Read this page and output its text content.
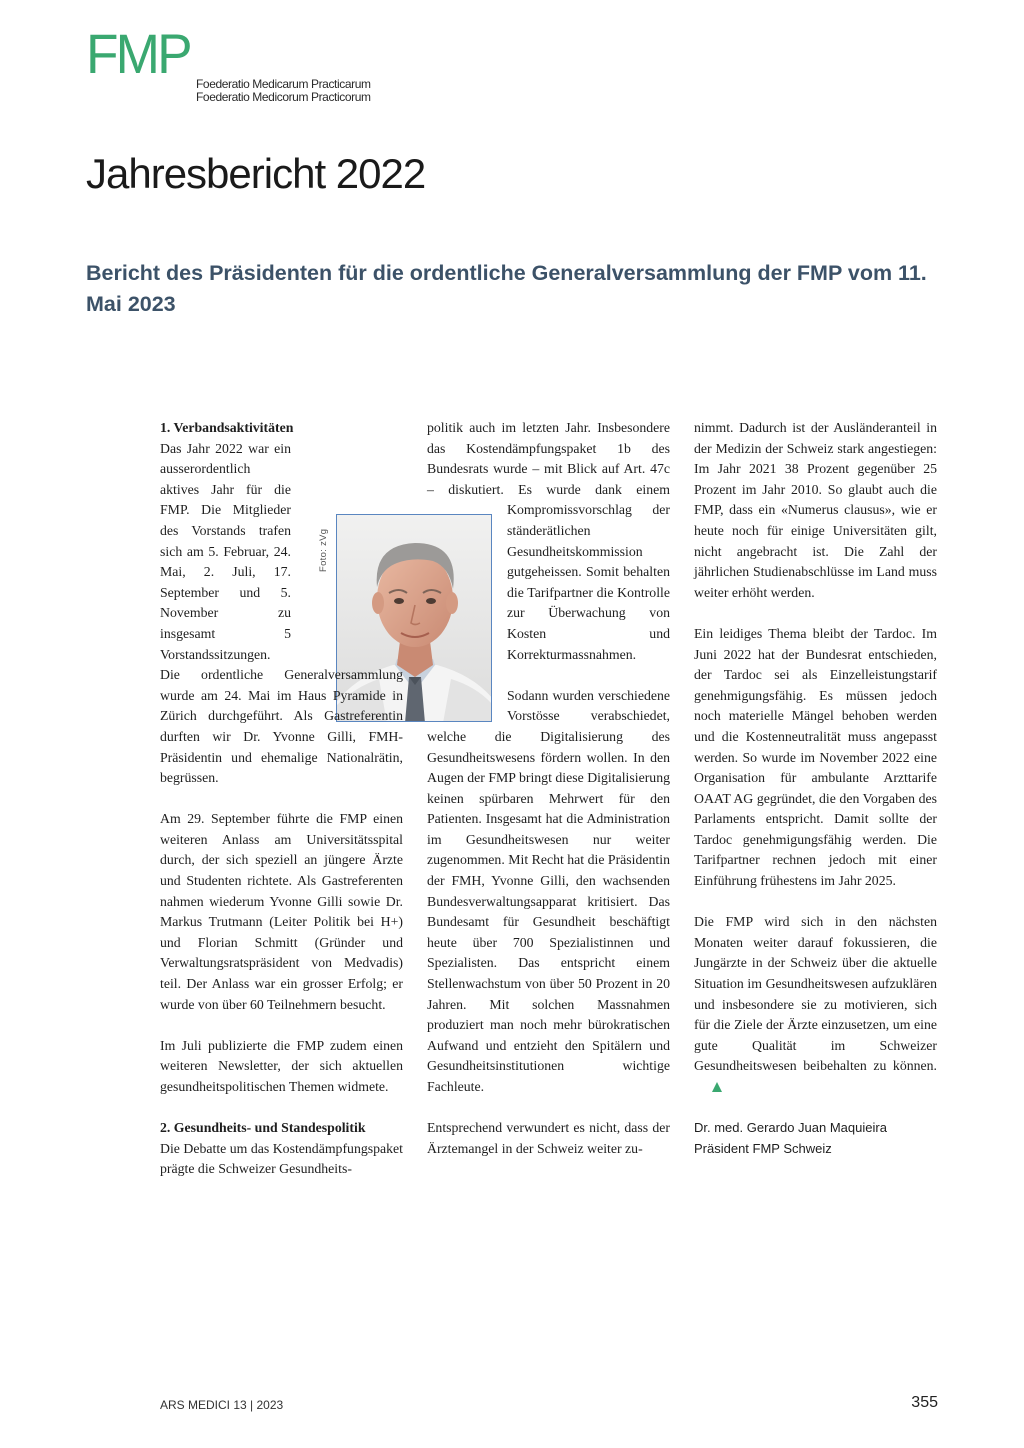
FMP Foederatio Medicarum Practicarum
Foederatio Medicorum Practicorum
Jahresbericht 2022
Bericht des Präsidenten für die ordentliche Generalversammlung der FMP vom 11. Mai 2023
Foto: zVg
1. Verbandsaktivitäten

Das Jahr 2022 war ein ausserordentlich aktives Jahr für die FMP. Die Mitglieder des Vorstands trafen sich am 5. Februar, 24. Mai, 2. Juli, 17. September und 5. November zu insgesamt 5 Vorstandssitzungen. Die ordentliche Generalversammlung wurde am 24. Mai im Haus Pyramide in Zürich durchgeführt. Als Gastreferentin durften wir Dr. Yvonne Gilli, FMH-Präsidentin und ehemalige Nationalrätin, begrüssen.

Am 29. September führte die FMP einen weiteren Anlass am Universitätsspital durch, der sich speziell an jüngere Ärzte und Studenten richtete. Als Gastreferenten nahmen wiederum Yvonne Gilli sowie Dr. Markus Trutmann (Leiter Politik bei H+) und Florian Schmitt (Gründer und Verwaltungsratspräsident von Medvadis) teil. Der Anlass war ein grosser Erfolg; er wurde von über 60 Teilnehmern besucht.

Im Juli publizierte die FMP zudem einen weiteren Newsletter, der sich aktuellen gesundheitspolitischen Themen widmete.

2. Gesundheits- und Standespolitik

Die Debatte um das Kostendämpfungspaket prägte die Schweizer Gesundheits-

politik auch im letzten Jahr. Insbesondere das Kostendämpfungspaket 1b des Bundesrats wurde – mit Blick auf Art. 47c – diskutiert. Es wurde dank einem Kompromissvorschlag der ständerätlichen Gesundheitskommission gutgeheissen. Somit behalten die Tarifpartner die Kontrolle zur Überwachung von Kosten und Korrekturmassnahmen.

Sodann wurden verschiedene Vorstösse verabschiedet, welche die Digitalisierung des Gesundheitswesens fördern wollen. In den Augen der FMP bringt diese Digitalisierung keinen spürbaren Mehrwert für den Patienten. Insgesamt hat die Administration im Gesundheitswesen nur weiter zugenommen. Mit Recht hat die Präsidentin der FMH, Yvonne Gilli, den wachsenden Bundesverwaltungsapparat kritisiert. Das Bundesamt für Gesundheit beschäftigt heute über 700 Spezialistinnen und Spezialisten. Das entspricht einem Stellenwachstum von über 50 Prozent in 20 Jahren. Mit solchen Massnahmen produziert man noch mehr bürokratischen Aufwand und entzieht den Spitälern und Gesundheitsinstitutionen wichtige Fachleute.

Entsprechend verwundert es nicht, dass der Ärztemangel in der Schweiz weiter zu-

nimmt. Dadurch ist der Ausländeranteil in der Medizin der Schweiz stark angestiegen: Im Jahr 2021 38 Prozent gegenüber 25 Prozent im Jahr 2010. So glaubt auch die FMP, dass ein «Numerus clausus», wie er heute noch für einige Universitäten gilt, nicht angebracht ist. Die Zahl der jährlichen Studienabschlüsse im Land muss weiter erhöht werden.

Ein leidiges Thema bleibt der Tardoc. Im Juni 2022 hat der Bundesrat entschieden, der Tardoc sei als Einzelleistungstarif genehmigungsfähig. Es müssen jedoch noch materielle Mängel behoben werden und die Kostenneutralität muss angepasst werden. So wurde im November 2022 eine Organisation für ambulante Arzttarife OAAT AG gegründet, die den Vorgaben des Parlaments entspricht. Damit sollte der Tardoc genehmigungsfähig werden. Die Tarifpartner rechnen jedoch mit einer Einführung frühestens im Jahr 2025.

Die FMP wird sich in den nächsten Monaten weiter darauf fokussieren, die Jungärzte in der Schweiz über die aktuelle Situation im Gesundheitswesen aufzuklären und insbesondere sie zu motivieren, sich für die Ziele der Ärzte einzusetzen, um eine gute Qualität im Schweizer Gesundheitswesen beibehalten zu können.

Dr. med. Gerardo Juan Maquieira
Präsident FMP Schweiz
ARS MEDICI 13 | 2023	355
